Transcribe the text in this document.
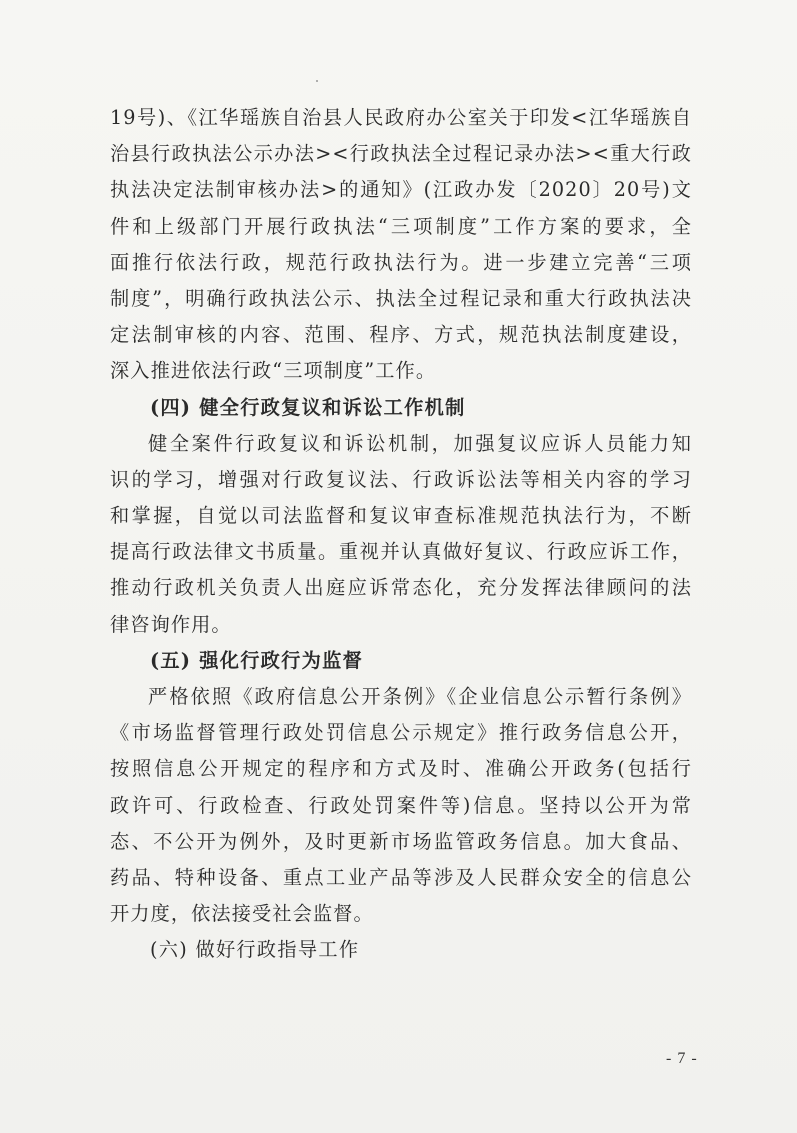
19号)、《江华瑶族自治县人民政府办公室关于印发<江华瑶族自
治县行政执法公示办法><行政执法全过程记录办法><重大行政
执法决定法制审核办法>的通知》(江政办发〔2020〕20号)文
件和上级部门开展行政执法“三项制度”工作方案的要求，全
面推行依法行政，规范行政执法行为。进一步建立完善“三项
制度”，明确行政执法公示、执法全过程记录和重大行政执法决
定法制审核的内容、范围、程序、方式，规范执法制度建设，
深入推进依法行政“三项制度”工作。
(四) 健全行政复议和诉讼工作机制
健全案件行政复议和诉讼机制，加强复议应诉人员能力知
识的学习，增强对行政复议法、行政诉讼法等相关内容的学习
和掌握，自觉以司法监督和复议审查标准规范执法行为，不断
提高行政法律文书质量。重视并认真做好复议、行政应诉工作，
推动行政机关负责人出庭应诉常态化，充分发挥法律顾问的法
律咨询作用。
(五) 强化行政行为监督
严格依照《政府信息公开条例》《企业信息公示暂行条例》
《市场监督管理行政处罚信息公示规定》推行政务信息公开，
按照信息公开规定的程序和方式及时、准确公开政务(包括行
政许可、行政检查、行政处罚案件等)信息。坚持以公开为常
态、不公开为例外，及时更新市场监管政务信息。加大食品、
药品、特种设备、重点工业产品等涉及人民群众安全的信息公
开力度，依法接受社会监督。
(六) 做好行政指导工作
- 7 -
